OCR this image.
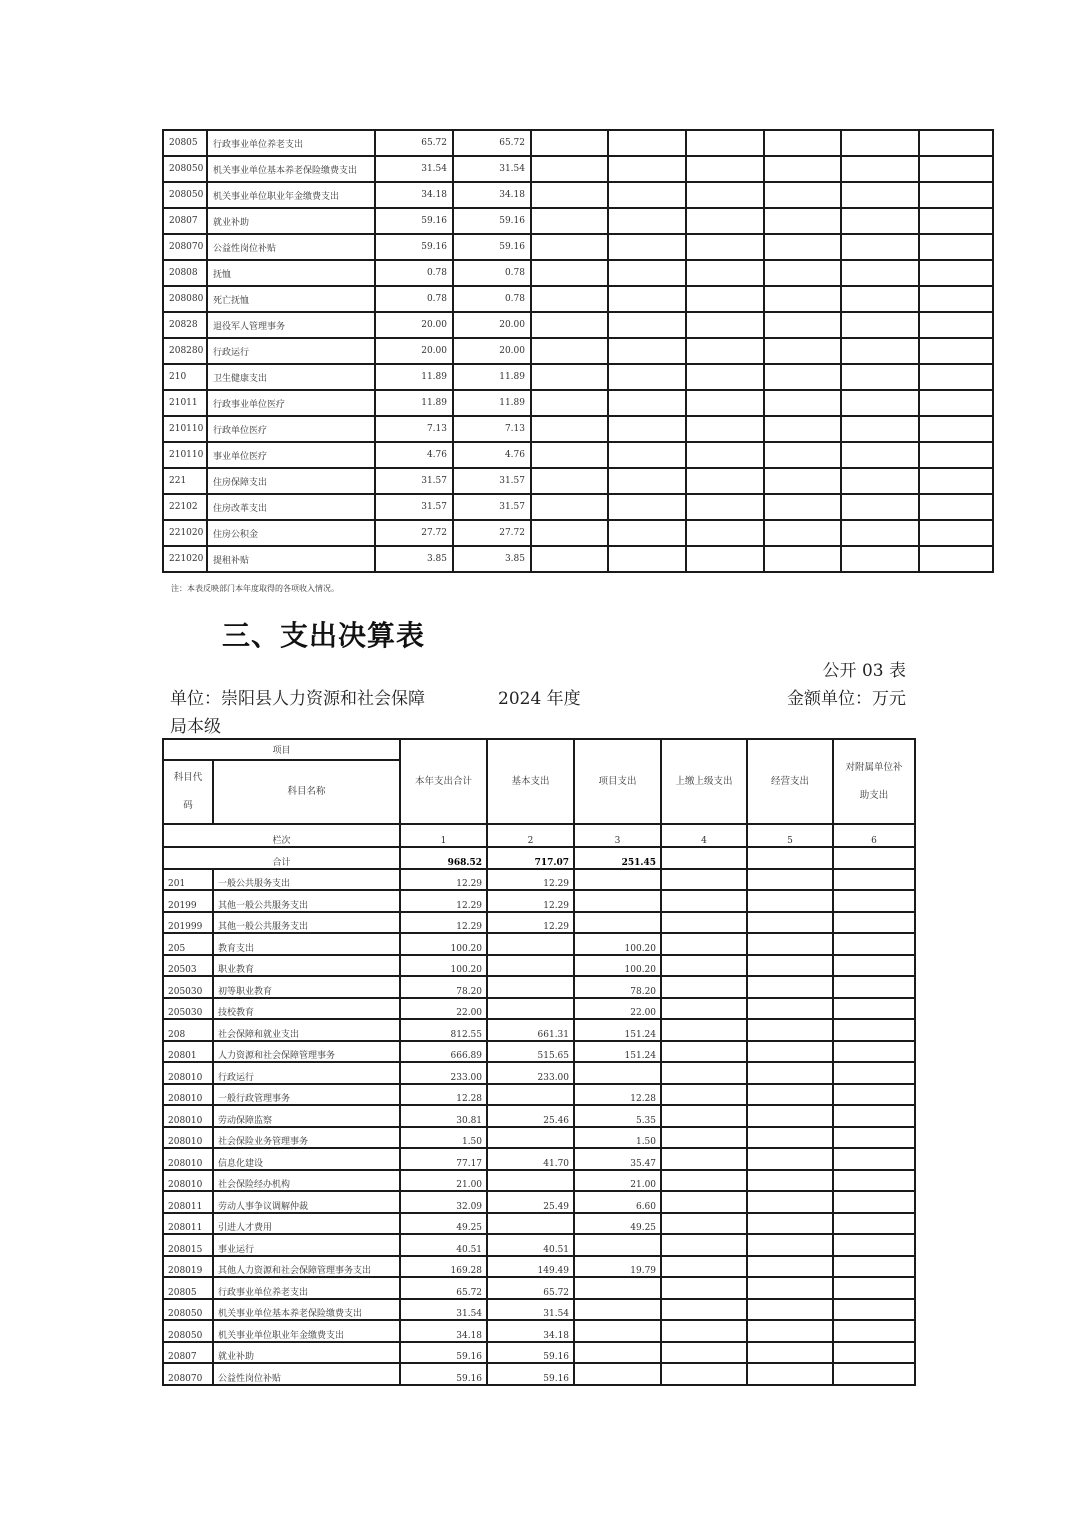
20805	行政事业单位养老支出	65.72	65.72						
208050	机关事业单位基本养老保险缴费支出	31.54	31.54						
208050	机关事业单位职业年金缴费支出	34.18	34.18						
20807	就业补助	59.16	59.16						
208070	公益性岗位补贴	59.16	59.16						
20808	抚恤	0.78	0.78						
208080	死亡抚恤	0.78	0.78						
20828	退役军人管理事务	20.00	20.00						
208280	行政运行	20.00	20.00						
210	卫生健康支出	11.89	11.89						
21011	行政事业单位医疗	11.89	11.89						
210110	行政单位医疗	7.13	7.13						
210110	事业单位医疗	4.76	4.76						
221	住房保障支出	31.57	31.57						
22102	住房改革支出	31.57	31.57						
221020	住房公积金	27.72	27.72						
221020	提租补贴	3.85	3.85						
注：本表反映部门本年度取得的各项收入情况。
三、支出决算表
公开 03 表
单位：崇阳县人力资源和社会保障	2024 年度	金额单位：万元
局本级
项目		本年支出合计	基本支出	项目支出	上缴上级支出	经营支出	对附属单位补助支出
科目代码	科目名称						
栏次		1	2	3	4	5	6
合计		968.52	717.07	251.45			
201	一般公共服务支出	12.29	12.29				
20199	其他一般公共服务支出	12.29	12.29				
201999	其他一般公共服务支出	12.29	12.29				
205	教育支出	100.20		100.20			
20503	职业教育	100.20		100.20			
205030	初等职业教育	78.20		78.20			
205030	技校教育	22.00		22.00			
208	社会保障和就业支出	812.55	661.31	151.24			
20801	人力资源和社会保障管理事务	666.89	515.65	151.24			
208010	行政运行	233.00	233.00				
208010	一般行政管理事务	12.28		12.28			
208010	劳动保障监察	30.81	25.46	5.35			
208010	社会保险业务管理事务	1.50		1.50			
208010	信息化建设	77.17	41.70	35.47			
208010	社会保险经办机构	21.00		21.00			
208011	劳动人事争议调解仲裁	32.09	25.49	6.60			
208011	引进人才费用	49.25		49.25			
208015	事业运行	40.51	40.51				
208019	其他人力资源和社会保障管理事务支出	169.28	149.49	19.79			
20805	行政事业单位养老支出	65.72	65.72				
208050	机关事业单位基本养老保险缴费支出	31.54	31.54				
208050	机关事业单位职业年金缴费支出	34.18	34.18				
20807	就业补助	59.16	59.16				
208070	公益性岗位补贴	59.16	59.16				
